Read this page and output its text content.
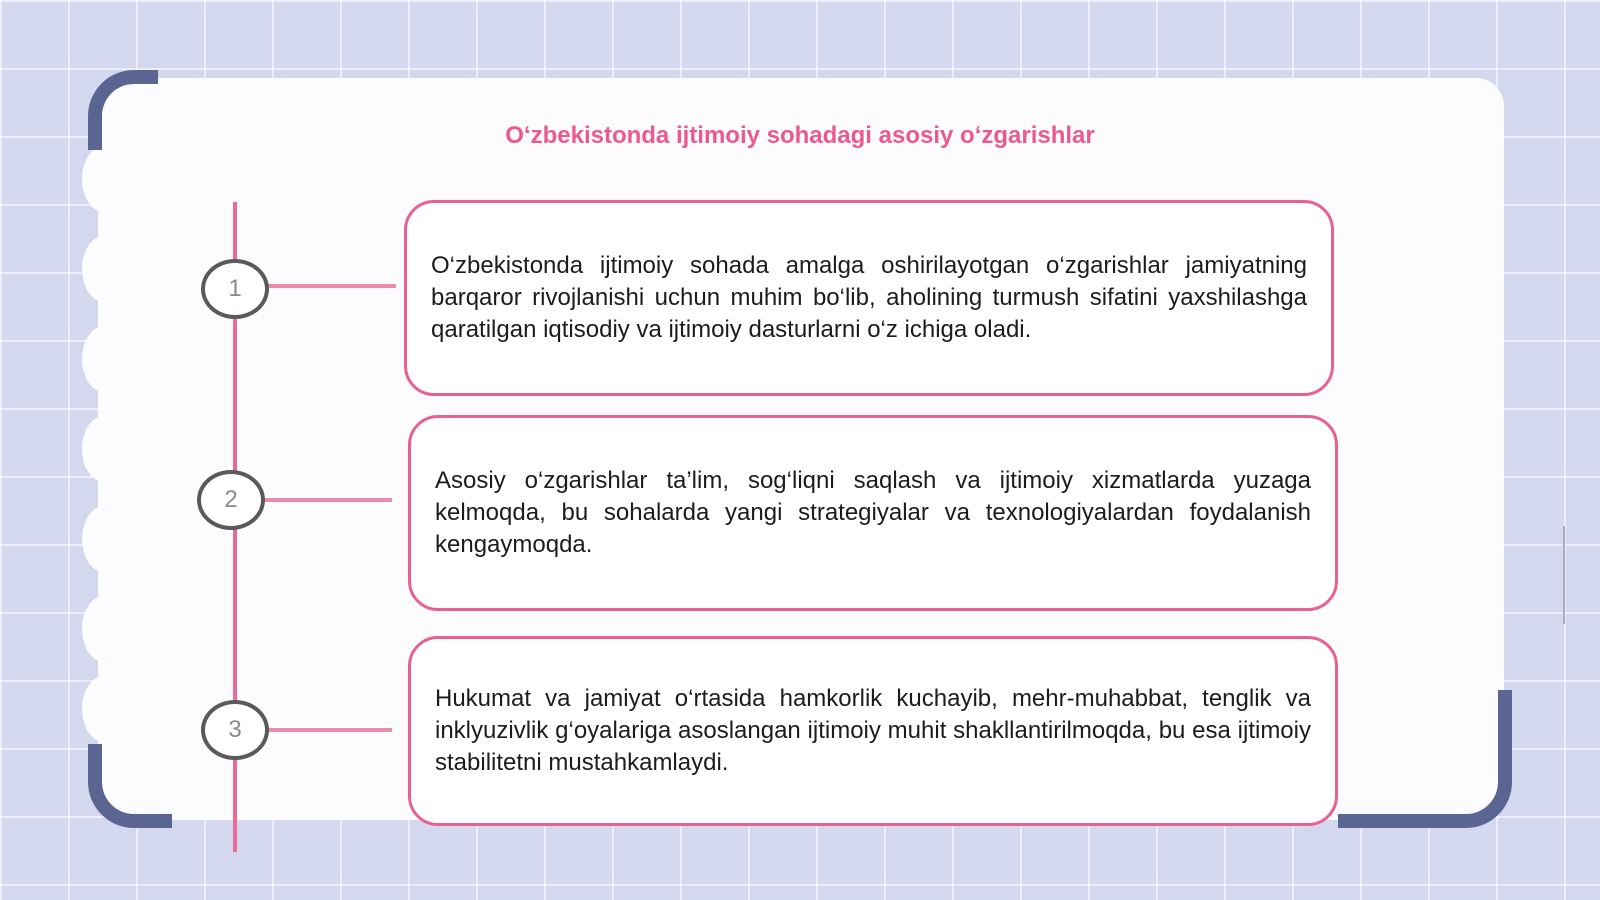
Oʻzbekistonda ijtimoiy sohadagi asosiy oʻzgarishlar
1
O‘zbekistonda ijtimoiy sohada amalga oshirilayotgan o‘zgarishlar jamiyatning barqaror rivojlanishi uchun muhim bo‘lib, aholining turmush sifatini yaxshilashga qaratilgan iqtisodiy va ijtimoiy dasturlarni o‘z ichiga oladi.
2
Asosiy o‘zgarishlar ta’lim, sog‘liqni saqlash va ijtimoiy xizmatlarda yuzaga kelmoqda, bu sohalarda yangi strategiyalar va texnologiyalardan foydalanish kengaymoqda.
3
Hukumat va jamiyat o‘rtasida hamkorlik kuchayib, mehr-muhabbat, tenglik va inklyuzivlik g‘oyalariga asoslangan ijtimoiy muhit shakllantirilmoqda, bu esa ijtimoiy stabilitetni mustahkamlaydi.
